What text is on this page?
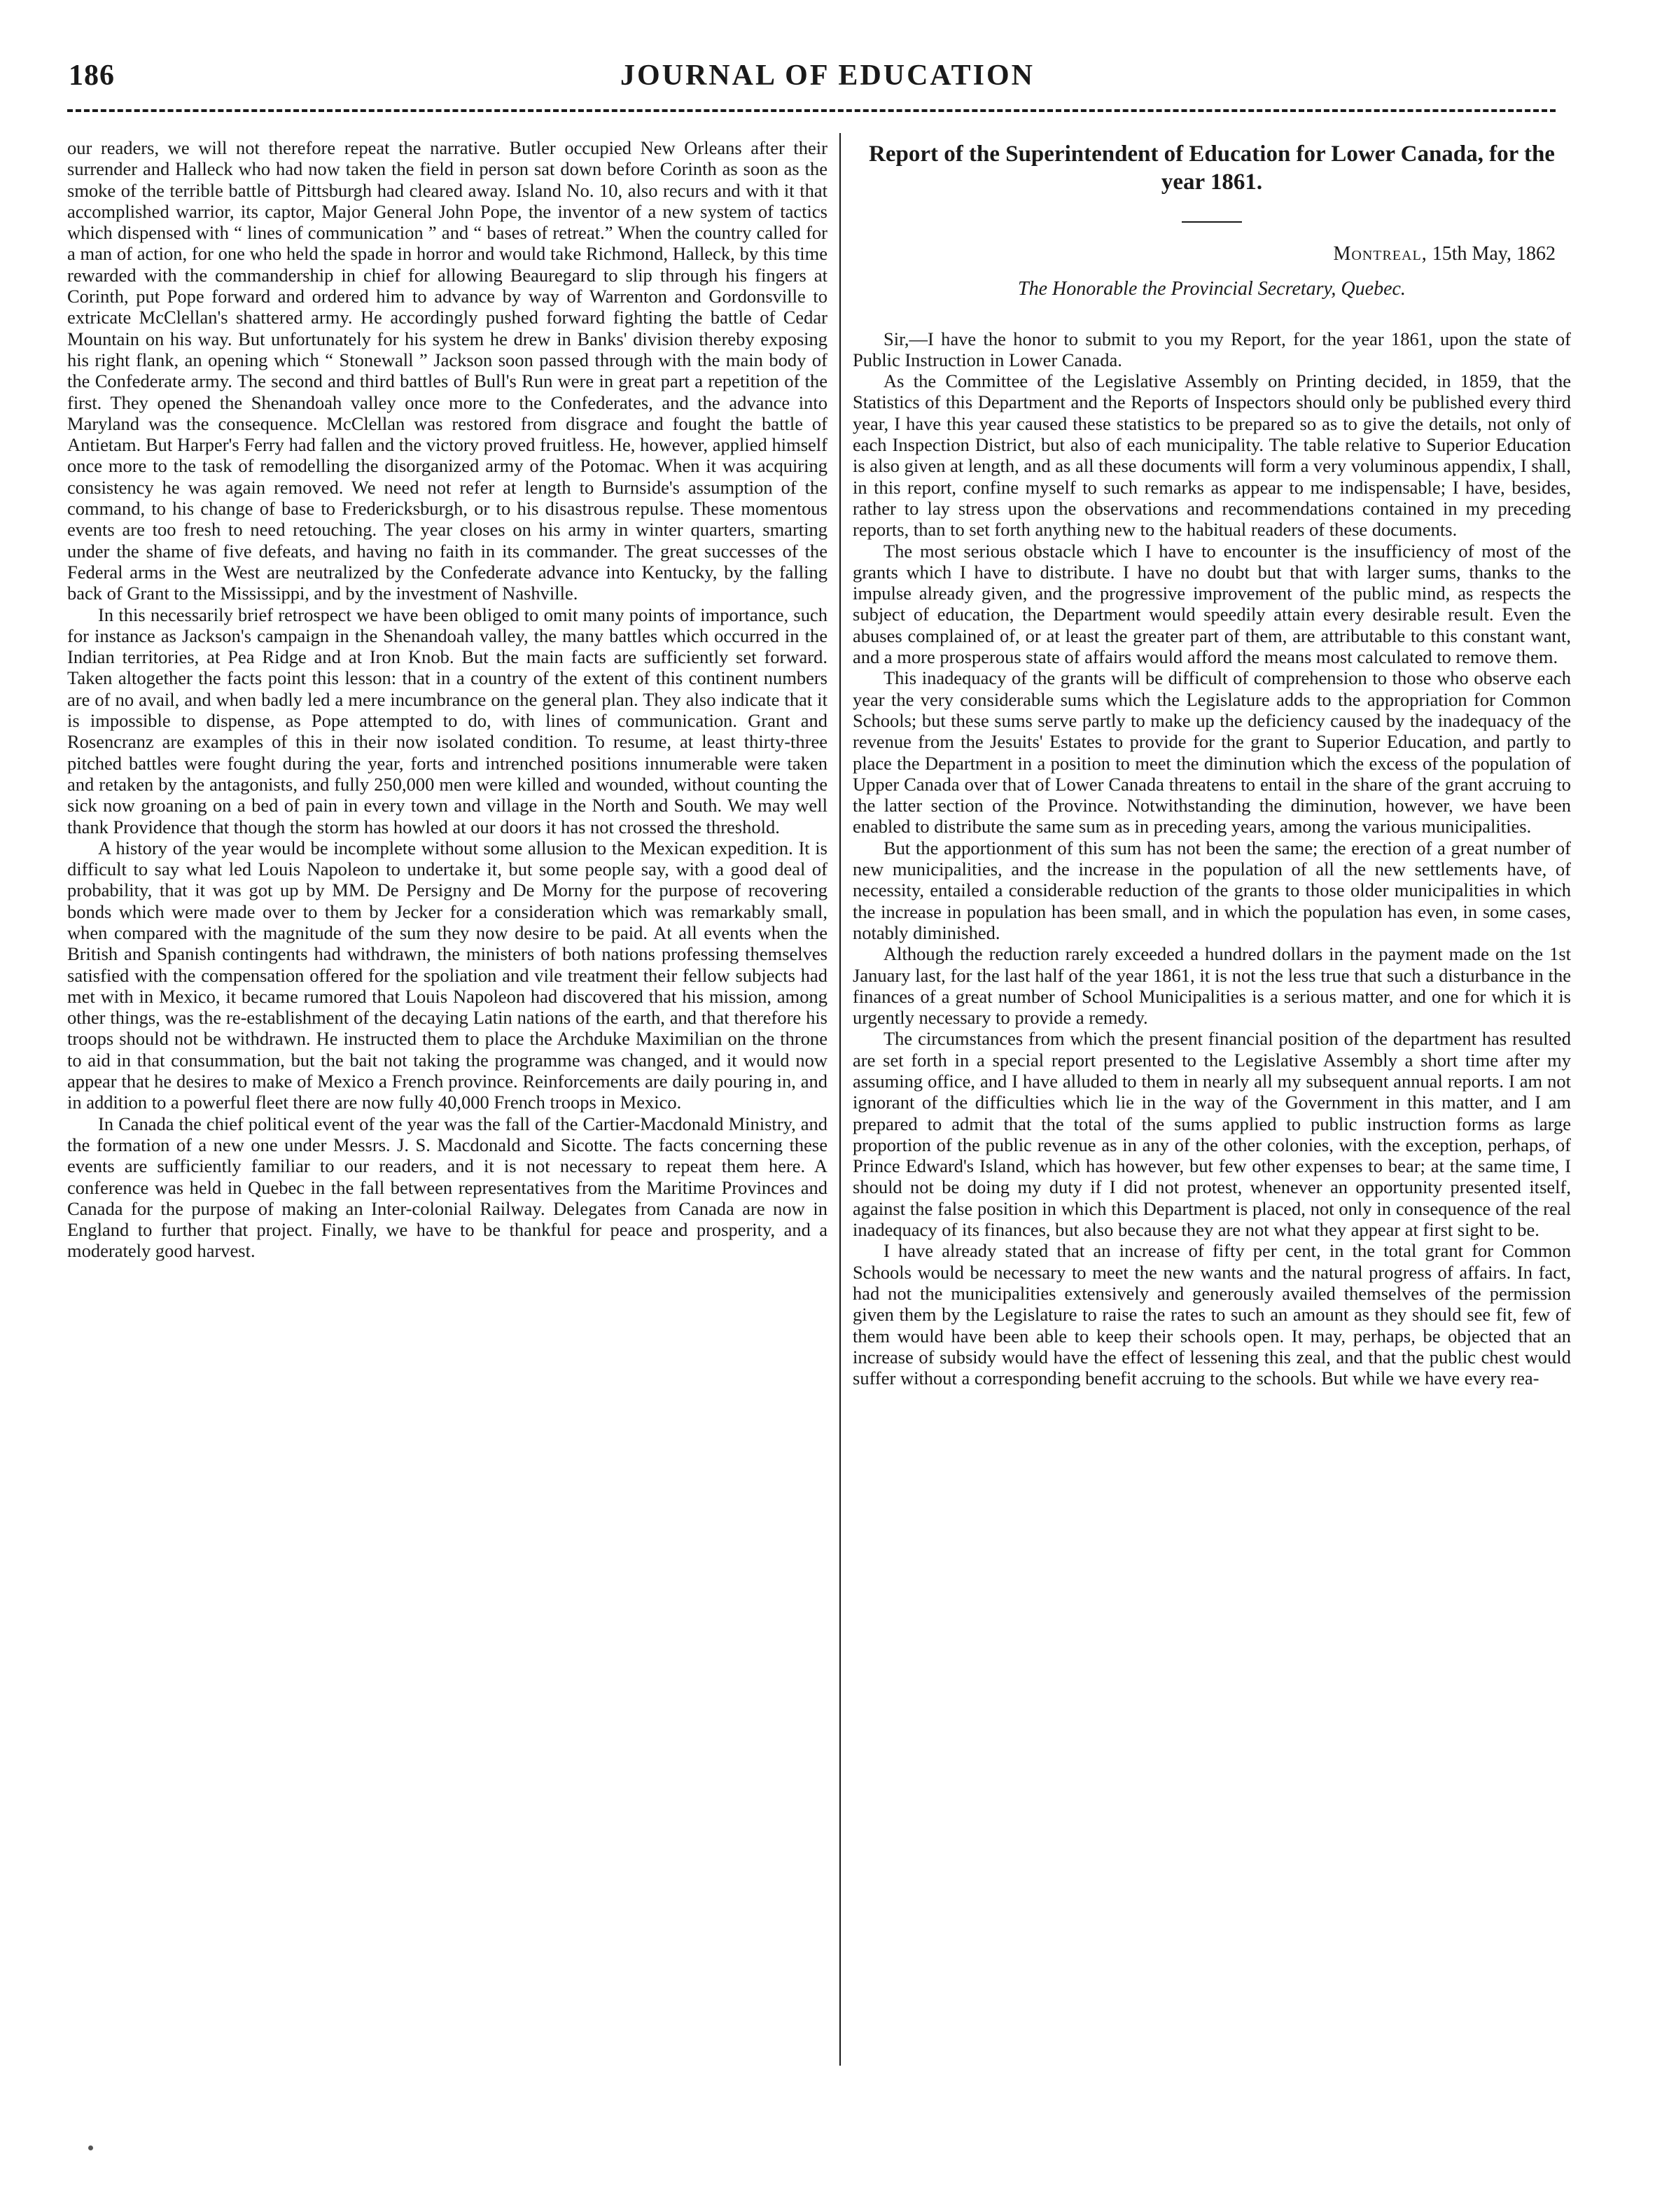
186	JOURNAL OF EDUCATION

our readers, we will not therefore repeat the narrative. Butler occupied New Orleans after their surrender and Halleck who had now taken the field in person sat down before Corinth as soon as the smoke of the terrible battle of Pittsburgh had cleared away. Island No. 10, also recurs and with it that accomplished warrior, its captor, Major General John Pope, the inventor of a new system of tactics which dispensed with “ lines of communication ” and “ bases of retreat.” When the country called for a man of action, for one who held the spade in horror and would take Richmond, Halleck, by this time rewarded with the commandership in chief for allowing Beauregard to slip through his fingers at Corinth, put Pope forward and ordered him to advance by way of Warrenton and Gordonsville to extricate McClellan's shattered army. He accordingly pushed forward fighting the battle of Cedar Mountain on his way. But unfortunately for his system he drew in Banks' division thereby exposing his right flank, an opening which “ Stonewall ” Jackson soon passed through with the main body of the Confederate army. The second and third battles of Bull's Run were in great part a repetition of the first. They opened the Shenandoah valley once more to the Confederates, and the advance into Maryland was the consequence. McClellan was restored from disgrace and fought the battle of Antietam. But Harper's Ferry had fallen and the victory proved fruitless. He, however, applied himself once more to the task of remodelling the disorganized army of the Potomac. When it was acquiring consistency he was again removed. We need not refer at length to Burnside's assumption of the command, to his change of base to Fredericksburgh, or to his disastrous repulse. These momentous events are too fresh to need retouching. The year closes on his army in winter quarters, smarting under the shame of five defeats, and having no faith in its commander. The great successes of the Federal arms in the West are neutralized by the Confederate advance into Kentucky, by the falling back of Grant to the Mississippi, and by the investment of Nashville.

In this necessarily brief retrospect we have been obliged to omit many points of importance, such for instance as Jackson's campaign in the Shenandoah valley, the many battles which occurred in the Indian territories, at Pea Ridge and at Iron Knob. But the main facts are sufficiently set forward. Taken altogether the facts point this lesson: that in a country of the extent of this continent numbers are of no avail, and when badly led a mere incumbrance on the general plan. They also indicate that it is impossible to dispense, as Pope attempted to do, with lines of communication. Grant and Rosencranz are examples of this in their now isolated condition. To resume, at least thirty-three pitched battles were fought during the year, forts and intrenched positions innumerable were taken and retaken by the antagonists, and fully 250,000 men were killed and wounded, without counting the sick now groaning on a bed of pain in every town and village in the North and South. We may well thank Providence that though the storm has howled at our doors it has not crossed the threshold.

A history of the year would be incomplete without some allusion to the Mexican expedition. It is difficult to say what led Louis Napoleon to undertake it, but some people say, with a good deal of probability, that it was got up by MM. De Persigny and De Morny for the purpose of recovering bonds which were made over to them by Jecker for a consideration which was remarkably small, when compared with the magnitude of the sum they now desire to be paid. At all events when the British and Spanish contingents had withdrawn, the ministers of both nations professing themselves satisfied with the compensation offered for the spoliation and vile treatment their fellow subjects had met with in Mexico, it became rumored that Louis Napoleon had discovered that his mission, among other things, was the re-establishment of the decaying Latin nations of the earth, and that therefore his troops should not be withdrawn. He instructed them to place the Archduke Maximilian on the throne to aid in that consummation, but the bait not taking the programme was changed, and it would now appear that he desires to make of Mexico a French province. Reinforcements are daily pouring in, and in addition to a powerful fleet there are now fully 40,000 French troops in Mexico.

In Canada the chief political event of the year was the fall of the Cartier-Macdonald Ministry, and the formation of a new one under Messrs. J. S. Macdonald and Sicotte. The facts concerning these events are sufficiently familiar to our readers, and it is not necessary to repeat them here. A conference was held in Quebec in the fall between representatives from the Maritime Provinces and Canada for the purpose of making an Inter-colonial Railway. Delegates from Canada are now in England to further that project. Finally, we have to be thankful for peace and prosperity, and a moderately good harvest.

Report of the Superintendent of Education for Lower Canada, for the year 1861.
Montreal, 15th May, 1862
The Honorable the Provincial Secretary, Quebec.

Sir,—I have the honor to submit to you my Report, for the year 1861, upon the state of Public Instruction in Lower Canada.

As the Committee of the Legislative Assembly on Printing decided, in 1859, that the Statistics of this Department and the Reports of Inspectors should only be published every third year, I have this year caused these statistics to be prepared so as to give the details, not only of each Inspection District, but also of each municipality. The table relative to Superior Education is also given at length, and as all these documents will form a very voluminous appendix, I shall, in this report, confine myself to such remarks as appear to me indispensable; I have, besides, rather to lay stress upon the observations and recommendations contained in my preceding reports, than to set forth anything new to the habitual readers of these documents.

The most serious obstacle which I have to encounter is the insufficiency of most of the grants which I have to distribute. I have no doubt but that with larger sums, thanks to the impulse already given, and the progressive improvement of the public mind, as respects the subject of education, the Department would speedily attain every desirable result. Even the abuses complained of, or at least the greater part of them, are attributable to this constant want, and a more prosperous state of affairs would afford the means most calculated to remove them.

This inadequacy of the grants will be difficult of comprehension to those who observe each year the very considerable sums which the Legislature adds to the appropriation for Common Schools; but these sums serve partly to make up the deficiency caused by the inadequacy of the revenue from the Jesuits' Estates to provide for the grant to Superior Education, and partly to place the Department in a position to meet the diminution which the excess of the population of Upper Canada over that of Lower Canada threatens to entail in the share of the grant accruing to the latter section of the Province. Notwithstanding the diminution, however, we have been enabled to distribute the same sum as in preceding years, among the various municipalities.

But the apportionment of this sum has not been the same; the erection of a great number of new municipalities, and the increase in the population of all the new settlements have, of necessity, entailed a considerable reduction of the grants to those older municipalities in which the increase in population has been small, and in which the population has even, in some cases, notably diminished.

Although the reduction rarely exceeded a hundred dollars in the payment made on the 1st January last, for the last half of the year 1861, it is not the less true that such a disturbance in the finances of a great number of School Municipalities is a serious matter, and one for which it is urgently necessary to provide a remedy.

The circumstances from which the present financial position of the department has resulted are set forth in a special report presented to the Legislative Assembly a short time after my assuming office, and I have alluded to them in nearly all my subsequent annual reports. I am not ignorant of the difficulties which lie in the way of the Government in this matter, and I am prepared to admit that the total of the sums applied to public instruction forms as large proportion of the public revenue as in any of the other colonies, with the exception, perhaps, of Prince Edward's Island, which has however, but few other expenses to bear; at the same time, I should not be doing my duty if I did not protest, whenever an opportunity presented itself, against the false position in which this Department is placed, not only in consequence of the real inadequacy of its finances, but also because they are not what they appear at first sight to be.

I have already stated that an increase of fifty per cent, in the total grant for Common Schools would be necessary to meet the new wants and the natural progress of affairs. In fact, had not the municipalities extensively and generously availed themselves of the permission given them by the Legislature to raise the rates to such an amount as they should see fit, few of them would have been able to keep their schools open. It may, perhaps, be objected that an increase of subsidy would have the effect of lessening this zeal, and that the public chest would suffer without a corresponding benefit accruing to the schools. But while we have every rea-
